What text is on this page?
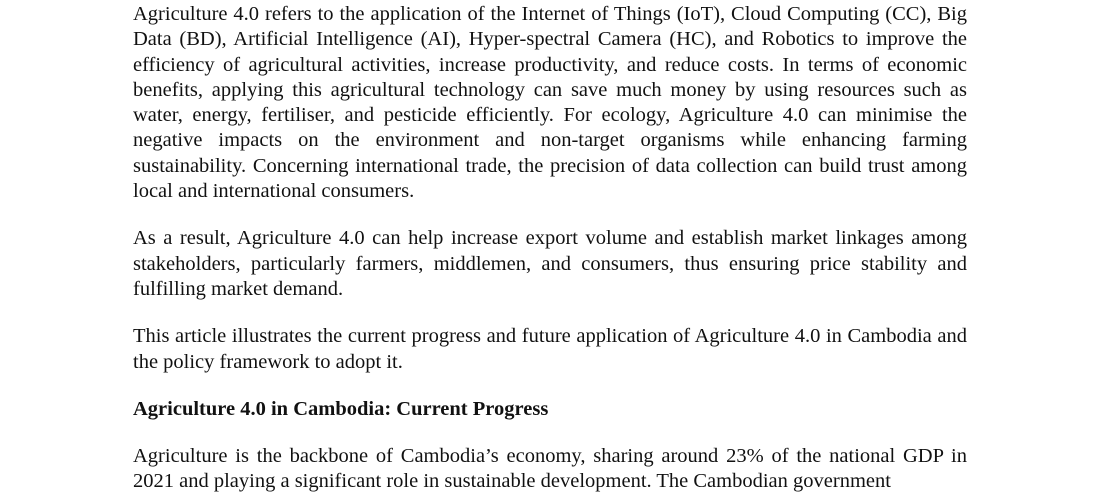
Agriculture 4.0 refers to the application of the Internet of Things (IoT), Cloud Computing (CC), Big Data (BD), Artificial Intelligence (AI), Hyper-spectral Camera (HC), and Robotics to improve the efficiency of agricultural activities, increase productivity, and reduce costs. In terms of economic benefits, applying this agricultural technology can save much money by using resources such as water, energy, fertiliser, and pesticide efficiently. For ecology, Agriculture 4.0 can minimise the negative impacts on the environment and non-target organisms while enhancing farming sustainability. Concerning international trade, the precision of data collection can build trust among local and international consumers.

As a result, Agriculture 4.0 can help increase export volume and establish market linkages among stakeholders, particularly farmers, middlemen, and consumers, thus ensuring price stability and fulfilling market demand.

This article illustrates the current progress and future application of Agriculture 4.0 in Cambodia and the policy framework to adopt it.

Agriculture 4.0 in Cambodia: Current Progress

Agriculture is the backbone of Cambodia’s economy, sharing around 23% of the national GDP in 2021 and playing a significant role in sustainable development. The Cambodian government
